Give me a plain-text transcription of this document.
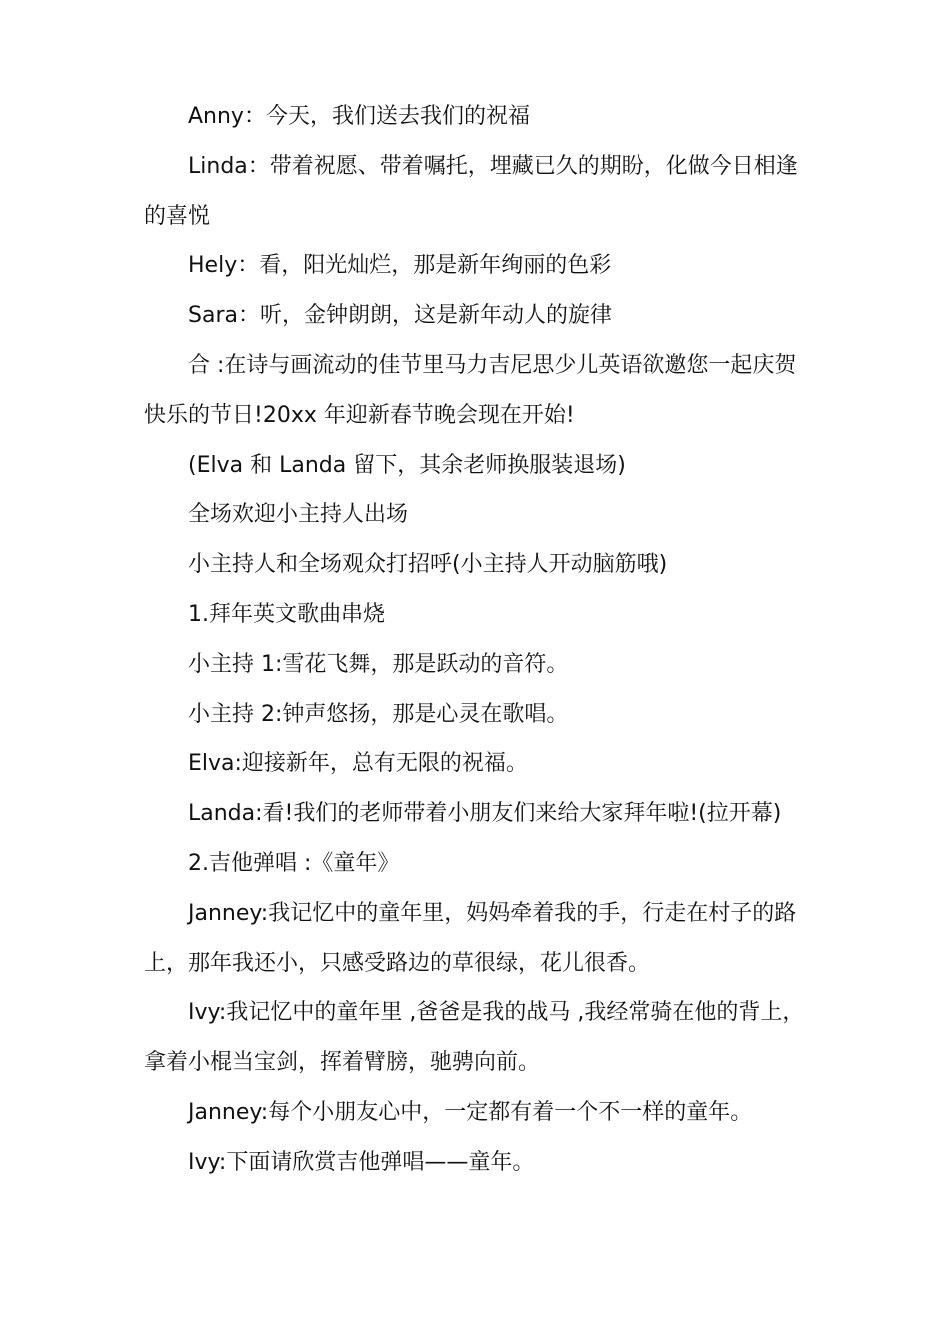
Anny：今天，我们送去我们的祝福

Linda：带着祝愿、带着嘱托，埋藏已久的期盼，化做今日相逢的喜悦

Hely：看，阳光灿烂，那是新年绚丽的色彩

Sara：听，金钟朗朗，这是新年动人的旋律

合 :在诗与画流动的佳节里马力吉尼思少儿英语欲邀您一起庆贺快乐的节日!20xx 年迎新春节晚会现在开始!

(Elva 和 Landa 留下，其余老师换服装退场)

全场欢迎小主持人出场

小主持人和全场观众打招呼(小主持人开动脑筋哦)

1.拜年英文歌曲串烧

小主持 1:雪花飞舞，那是跃动的音符。

小主持 2:钟声悠扬，那是心灵在歌唱。

Elva:迎接新年，总有无限的祝福。

Landa:看!我们的老师带着小朋友们来给大家拜年啦!(拉开幕)

2.吉他弹唱 :《童年》

Janney:我记忆中的童年里，妈妈牵着我的手，行走在村子的路上，那年我还小，只感受路边的草很绿，花儿很香。

Ivy:我记忆中的童年里 ,爸爸是我的战马 ,我经常骑在他的背上，拿着小棍当宝剑，挥着臂膀，驰骋向前。

Janney:每个小朋友心中，一定都有着一个不一样的童年。

Ivy:下面请欣赏吉他弹唱——童年。
